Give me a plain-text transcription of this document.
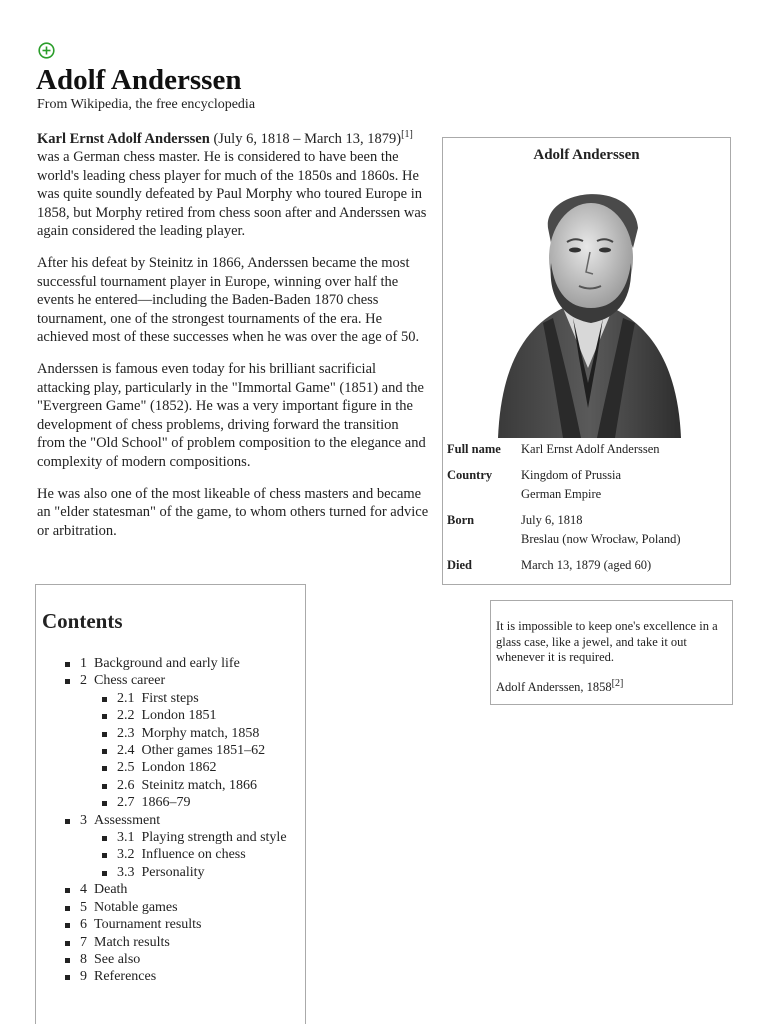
Adolf Anderssen
From Wikipedia, the free encyclopedia

Karl Ernst Adolf Anderssen (July 6, 1818 – March 13, 1879)[1] was a German chess master. He is considered to have been the world's leading chess player for much of the 1850s and 1860s. He was quite soundly defeated by Paul Morphy who toured Europe in 1858, but Morphy retired from chess soon after and Anderssen was again considered the leading player.

After his defeat by Steinitz in 1866, Anderssen became the most successful tournament player in Europe, winning over half the events he entered—including the Baden-Baden 1870 chess tournament, one of the strongest tournaments of the era. He achieved most of these successes when he was over the age of 50.

Anderssen is famous even today for his brilliant sacrificial attacking play, particularly in the "Immortal Game" (1851) and the "Evergreen Game" (1852). He was a very important figure in the development of chess problems, driving forward the transition from the "Old School" of problem composition to the elegance and complexity of modern compositions.

He was also one of the most likeable of chess masters and became an "elder statesman" of the game, to whom others turned for advice or arbitration.

Adolf Anderssen
Full name	Karl Ernst Adolf Anderssen
Country	Kingdom of Prussia
German Empire
Born	July 6, 1818
Breslau (now Wrocław, Poland)
Died	March 13, 1879 (aged 60)
It is impossible to keep one's excellence in a glass case, like a jewel, and take it out whenever it is required.
Adolf Anderssen, 1858[2]
Contents
1 Background and early life
2 Chess career
2.1 First steps
2.2 London 1851
2.3 Morphy match, 1858
2.4 Other games 1851–62
2.5 London 1862
2.6 Steinitz match, 1866
2.7 1866–79
3 Assessment
3.1 Playing strength and style
3.2 Influence on chess
3.3 Personality
4 Death
5 Notable games
6 Tournament results
7 Match results
8 See also
9 References
